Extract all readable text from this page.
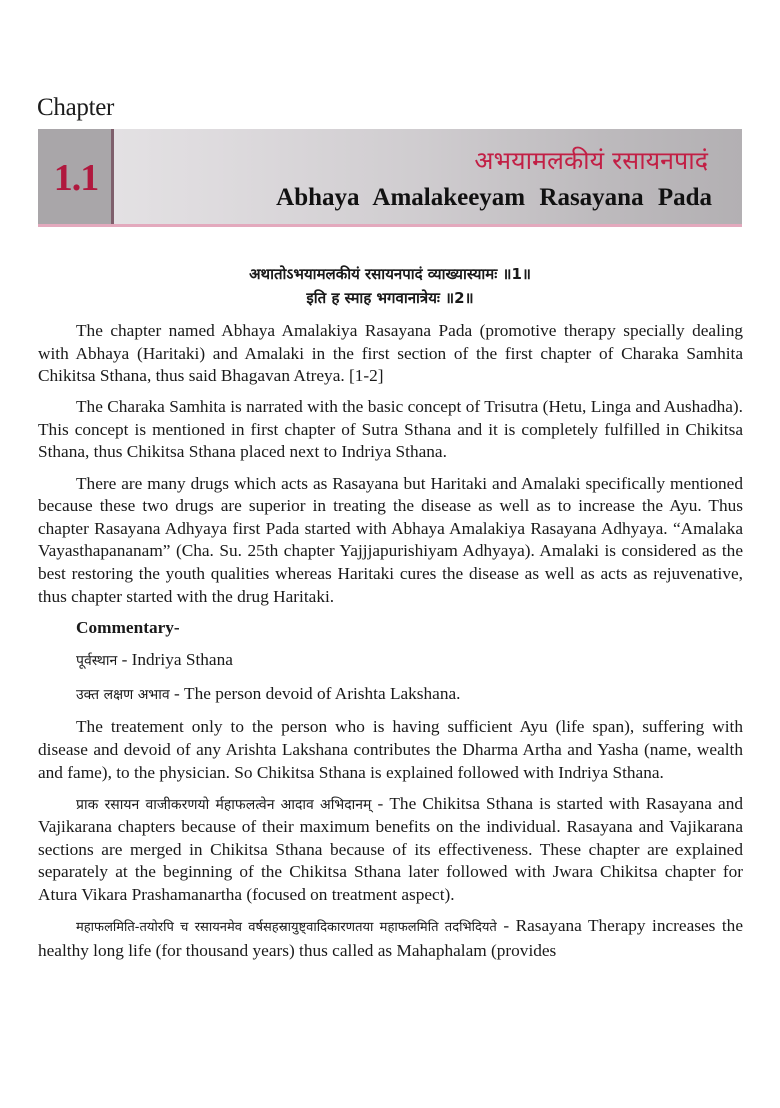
Chapter
1.1	अभयामलकीयं रसायनपादं
Abhaya Amalakeeyam Rasayana Pada
अथातोऽभयामलकीयं रसायनपादं व्याख्यास्यामः ॥1॥
इति ह स्माह भगवानात्रेयः ॥2॥

The chapter named Abhaya Amalakiya Rasayana Pada (promotive therapy specially dealing with Abhaya (Haritaki) and Amalaki in the first section of the first chapter of Charaka Samhita Chikitsa Sthana, thus said Bhagavan Atreya. [1-2]

The Charaka Samhita is narrated with the basic concept of Trisutra (Hetu, Linga and Aushadha). This concept is mentioned in first chapter of Sutra Sthana and it is completely fulfilled in Chikitsa Sthana, thus Chikitsa Sthana placed next to Indriya Sthana.

There are many drugs which acts as Rasayana but Haritaki and Amalaki specifically mentioned because these two drugs are superior in treating the disease as well as to increase the Ayu. Thus chapter Rasayana Adhyaya first Pada started with Abhaya Amalakiya Rasayana Adhyaya. “Amalaka Vayasthapananam” (Cha. Su. 25th chapter Yajjjapurishiyam Adhyaya). Amalaki is considered as the best restoring the youth qualities whereas Haritaki cures the disease as well as acts as rejuvenative, thus chapter started with the drug Haritaki.

Commentary-

पूर्वस्थान - Indriya Sthana

उक्त लक्षण अभाव - The person devoid of Arishta Lakshana.

The treatement only to the person who is having sufficient Ayu (life span), suffering with disease and devoid of any Arishta Lakshana contributes the Dharma Artha and Yasha (name, wealth and fame), to the physician. So Chikitsa Sthana is explained followed with Indriya Sthana.

प्राक रसायन वाजीकरणयो र्महाफलत्वेन आदाव अभिदानम् - The Chikitsa Sthana is started with Rasayana and Vajikarana chapters because of their maximum benefits on the individual. Rasayana and Vajikarana sections are merged in Chikitsa Sthana because of its effectiveness. These chapter are explained separately at the beginning of the Chikitsa Sthana later followed with Jwara Chikitsa chapter for Atura Vikara Prashamanartha (focused on treatment aspect).

महाफलमिति-तयोरपि च रसायनमेव वर्षसहस्रायुष्ट्वादिकारणतया महाफलमिति तदभिदियते - Rasayana Therapy increases the healthy long life (for thousand years) thus called as Mahaphalam (provides
